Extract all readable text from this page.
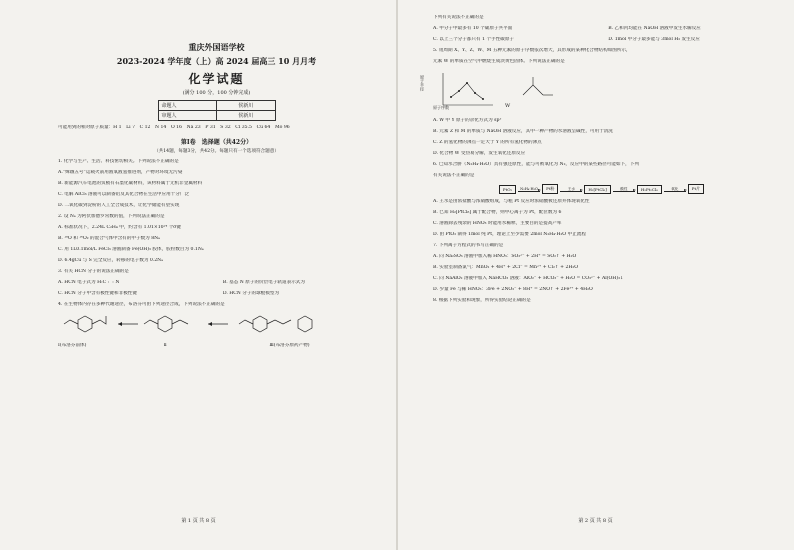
重庆外国语学校
2023-2024 学年度（上）高 2024 届高三 10 月月考
化学试题
(满分 100 分，100 分钟完成)
命题人	侯新川
审题人	侯新川
可能用到的相对原子质量：H 1　Li 7　C 12　N 14　O 16　Na 23　P 31　S 32　Cl 35.5　Cu 64　Mo 96
第Ⅰ卷　选择题（共42分）
（共14题，每题3分，共42分。每题只有一个选项符合题意）
1. 化学与生产、生活、科技密切相关。下列说法不正确的是
A.“嫦娥五号”运载火箭用液氧液氢推进剂，产物对环境无污染
B. 新能源汽车电池的负极有石墨化碳材料，该材料属于无机非金属材料
C. 电解 AlCl₃ 溶液可以制备铝及其化合物在生活中应用十分广泛
D. 二氧化碳到淀粉的人工全合成技术，让化学储能有望实现
2. 设 Nₐ 为阿伏加德罗常数的值，下列说法正确的是
A. 标准状况下，2.24L C₂H₄ 中，约含有 1.01×10²⁴ 个σ键
B. ¹⁸O 和 ¹⁶O₂ 的混合气体中含有的中子数为 8Nₐ
C. 用 1L0.1mol/L FeCl₃ 溶液制备 Fe(OH)₃ 胶体，胶粒数目为 0.1Nₐ
D. 6.4gCu 与 S 完全反应，转移的电子数为 0.2Nₐ
3. 有关 HCN 分子的说法正确的是
A. HCN 电子式为 H:C⋮⋮N	B. 基态 N 原子的价层电子轨道表示式为
C. HCN 分子中含有极性键和非极性键	D. HCN 分子的球棍模型为
4. 在生物体内存在多种代谢途径，布洛芬可由下列途径合成，下列说法不正确的是
Ⅰ(布洛芬前体)	Ⅱ	Ⅲ(布洛芬原药产物)
第 1 页 共 8 页
下列有关说法不正确的是
A. 甲分子中最多有 10 个碳原子共平面	B. 乙和丙均能在 NaOH 溶液中发生水解反应
C. 以上三个分子都只有 1 个手性碳原子	D. 1mol 甲分子最多能与 3mol H₂ 发生反应
5. 短周期 X、Y、Z、W、M 五种元素的原子序数依次增大，其形成的某种化合物结构如图所示，
元素 W 的单质在空气中燃烧生成淡黄色固体。下列说法正确的是
原子序数
原子半径
W
A. W 中 Y 原子的杂化方式为 sp³
B. 元素 Z 和 M 的单质与 NaOH 溶液反应，其中一种产物的水溶液呈碱性，可用于清洗
C. Z 的氢化物的沸点一定大于 Y 的所有氢化物的沸点
D. 化合物 W 受热易分解，发生氧化还原反应
6. 已知水合肼（N₂H₄·H₂O）具有强还原性，能与可被氧化为 N₂，反应中的某些路径可能如下，下列
有关说法不正确的是
PtO₂	N₂H₄·H₂O	Pt粉	王水	H₂[PtCl₆]	酸性	H₂Pt₂Cl₆	氧化	Pt片
A. 王水是由浓盐酸与浓硝酸组成，与粗 Pt 反应时浓硝酸被还原并体现氧化性
B. 已知 H₂[PtCl₆] 属于配合物，则中心离子为 Pt，配位数为 6
C. 溶液除去残余的 HNO₃ 时能用水稀释，主要目的是提高产率
D. 由 PtO₂ 制得 1mol 纯 Pt，理论上至少需要 2mol N₂H₄·H₂O 中止流程
7. 下列离子方程式的书写正确的是
A. 向 Na₂SO₃ 溶液中加入稀 HNO₃：SO₃²⁻ + 2H⁺ = SO₂↑ + H₂O
B. 实验室制备氯气：MnO₂ + 4H⁺ + 2Cl⁻ = Mn²⁺ + Cl₂↑ + 2H₂O
C. 向 NaAlO₂ 溶液中加入 NaHCO₃ 溶液：AlO₂⁻ + HCO₃⁻ + H₂O = CO₃²⁻ + Al(OH)₃↓
D. 少量 Fe 与稀 HNO₃：3Fe + 2NO₃⁻ + 8H⁺ = 2NO↑ + 2Fe³⁺ + 4H₂O
8. 根据下列实验和现象，所得实验结论正确的是
第 2 页 共 8 页
